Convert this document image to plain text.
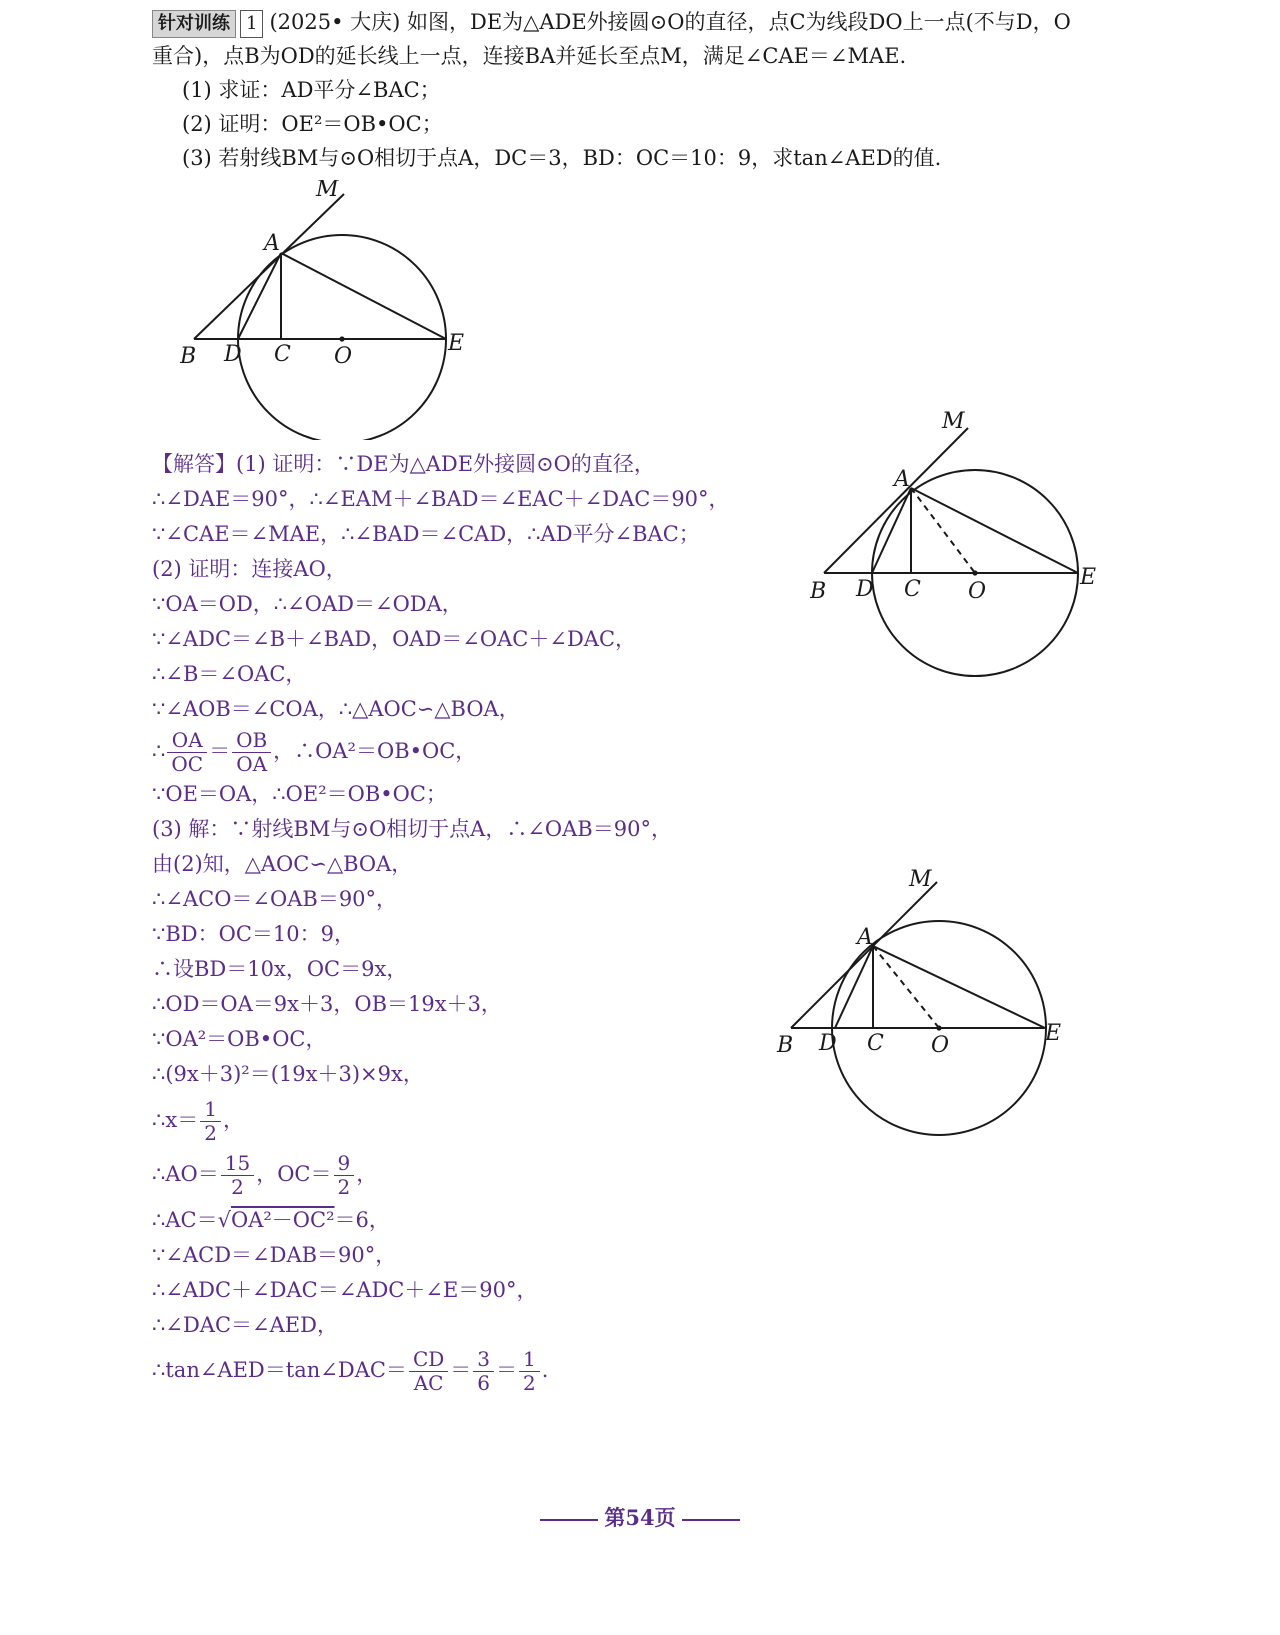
针对训练 1 (2025• 大庆) 如图，DE为△ADE外接圆⊙O的直径，点C为线段DO上一点(不与D，O
重合)，点B为OD的延长线上一点，连接BA并延长至点M，满足∠CAE＝∠MAE.
(1) 求证：AD平分∠BAC；
(2) 证明：OE²＝OB•OC；
(3) 若射线BM与⊙O相切于点A，DC＝3，BD：OC＝10：9，求tan∠AED的值.
M
A
B D C O
E
M
A
B D C O
E
M
A
B D C O	E
【解答】(1) 证明：∵DE为△ADE外接圆⊙O的直径，
∴∠DAE＝90°，∴∠EAM＋∠BAD＝∠EAC＋∠DAC＝90°，
∵∠CAE＝∠MAE，∴∠BAD＝∠CAD，∴AD平分∠BAC；
(2) 证明：连接AO，
∵OA＝OD，∴∠OAD＝∠ODA，
∵∠ADC＝∠B＋∠BAD，OAD＝∠OAC＋∠DAC，
∴∠B＝∠OAC，
∵∠AOB＝∠COA，∴△AOC∽△BOA，
∴ $\frac{OA}{OC} = \frac{OB}{OA}$ ，∴OA²＝OB•OC，
∵OE＝OA，∴OE²＝OB•OC；
(3) 解：∵射线BM与⊙O相切于点A，∴∠OAB＝90°，
由(2)知，△AOC∽△BOA，
∴∠ACO＝∠OAB＝90°，
∵BD：OC＝10：9，
∴设BD＝10x，OC＝9x，
∴OD＝OA＝9x＋3，OB＝19x＋3，
∵OA²＝OB•OC，
∴(9x＋3)²＝(19x＋3)×9x，
∴x＝ $\frac{1}{2}$ ，
∴AO＝ $\frac{15}{2}$ ，$OC= \frac{9}{2}$ ，
∴AC＝√OA²－OC²＝6，
∵∠ACD＝∠DAB＝90°，
∴∠ADC＋∠DAC＝∠ADC＋∠E＝90°，
∴∠DAC＝∠AED，
∴tan∠AED＝tan∠DAC＝ $\frac{CD}{AC} = \frac{3}{6} = \frac{1}{2}$ .
第54页
